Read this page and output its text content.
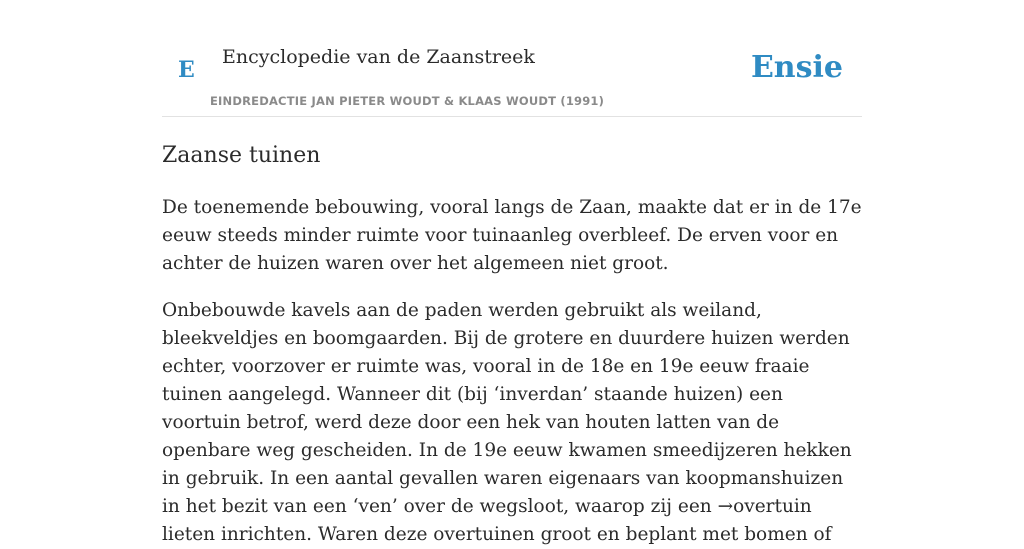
E Encyclopedie van de Zaanstreek
EINDREDACTIE JAN PIETER WOUDT & KLAAS WOUDT (1991)
Ensie
Zaanse tuinen

De toenemende bebouwing, vooral langs de Zaan, maakte dat er in de 17e eeuw steeds minder ruimte voor tuinaanleg overbleef. De erven voor en achter de huizen waren over het algemeen niet groot.

Onbebouwde kavels aan de paden werden gebruikt als weiland, bleekveldjes en boomgaarden. Bij de grotere en duurdere huizen werden echter, voorzover er ruimte was, vooral in de 18e en 19e eeuw fraaie tuinen aangelegd. Wanneer dit (bij ‘inverdan’ staande huizen) een voortuin betrof, werd deze door een hek van houten latten van de openbare weg gescheiden. In de 19e eeuw kwamen smeedijzeren hekken in gebruik. In een aantal gevallen waren eigenaars van koopmanshuizen in het bezit van een ‘ven’ over de wegsloot, waarop zij een →overtuin lieten inrichten. Waren deze overtuinen groot en beplant met bomen of
